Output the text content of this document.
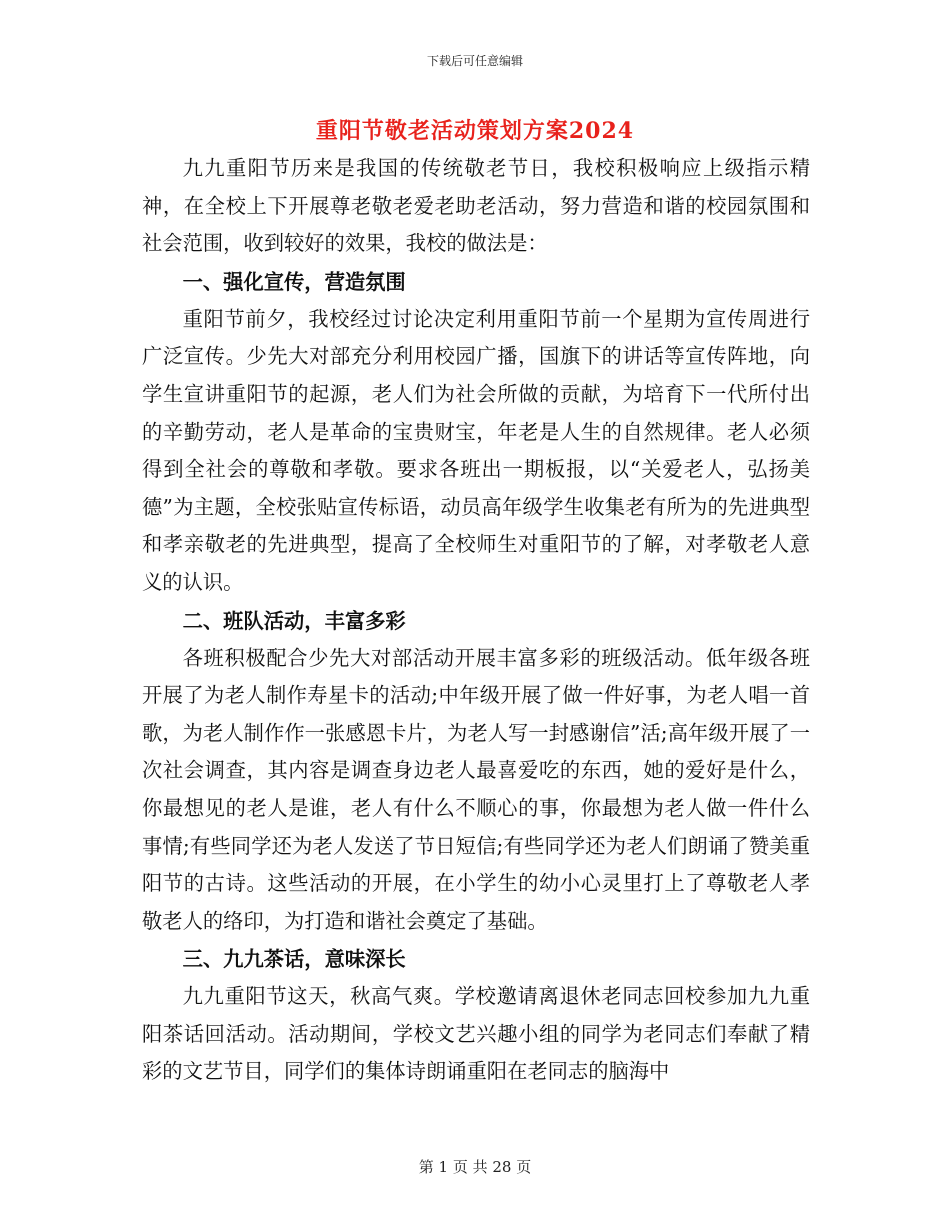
下载后可任意编辑
重阳节敬老活动策划方案2024

九九重阳节历来是我国的传统敬老节日，我校积极响应上级指示精神，在全校上下开展尊老敬老爱老助老活动，努力营造和谐的校园氛围和社会范围，收到较好的效果，我校的做法是：

一、强化宣传，营造氛围

重阳节前夕，我校经过讨论决定利用重阳节前一个星期为宣传周进行广泛宣传。少先大对部充分利用校园广播，国旗下的讲话等宣传阵地，向学生宣讲重阳节的起源，老人们为社会所做的贡献，为培育下一代所付出的辛勤劳动，老人是革命的宝贵财宝，年老是人生的自然规律。老人必须得到全社会的尊敬和孝敬。要求各班出一期板报，以“关爱老人，弘扬美德”为主题，全校张贴宣传标语，动员高年级学生收集老有所为的先进典型和孝亲敬老的先进典型，提高了全校师生对重阳节的了解，对孝敬老人意义的认识。

二、班队活动，丰富多彩

各班积极配合少先大对部活动开展丰富多彩的班级活动。低年级各班开展了为老人制作寿星卡的活动;中年级开展了做一件好事，为老人唱一首歌，为老人制作作一张感恩卡片，为老人写一封感谢信”活;高年级开展了一次社会调查，其内容是调查身边老人最喜爱吃的东西，她的爱好是什么，你最想见的老人是谁，老人有什么不顺心的事，你最想为老人做一件什么事情;有些同学还为老人发送了节日短信;有些同学还为老人们朗诵了赞美重阳节的古诗。这些活动的开展，在小学生的幼小心灵里打上了尊敬老人孝敬老人的络印，为打造和谐社会奠定了基础。

三、九九茶话，意味深长

九九重阳节这天，秋高气爽。学校邀请离退休老同志回校参加九九重阳茶话回活动。活动期间，学校文艺兴趣小组的同学为老同志们奉献了精彩的文艺节目，同学们的集体诗朗诵重阳在老同志的脑海中

第 1 页 共 28 页
